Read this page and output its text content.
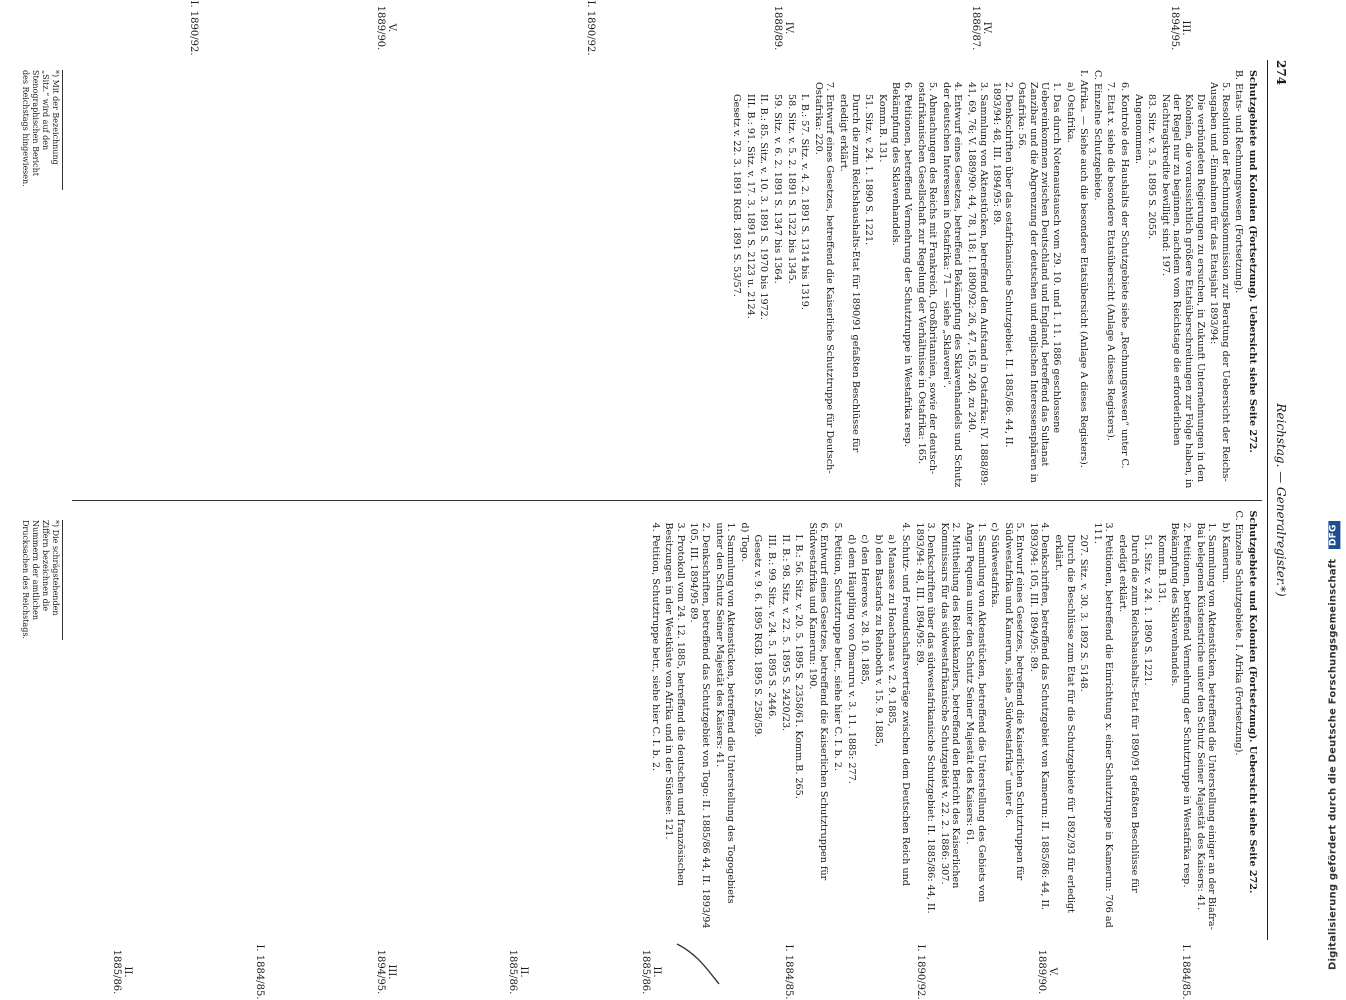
Digitalisierung gefördert durch die Deutsche Forschungsgemeinschaft DFG
274
Reichstag. — Generalregister.*)
Schutzgebiete und Kolonien (Fortsetzung). Uebersicht siehe Seite 272.
B. Etats- und Rechnungswesen (Fortsetzung).
5. Resolution der Rechnungskommission zur Beratung der Uebersicht der Reichs-Ausgaben und -Einnahmen für das Etatsjahr 1893/94:
Die verbündeten Regierungen zu ersuchen, in Zukunft Unternehmungen in den Kolonien, die voraussichtlich größere Etatsüberschreitungen zur Folge haben, in der Regel nur zu beginnen, nachdem vom Reichstage die erforderlichen Nachtragskredite bewilligt sind: 197.
83. Sitz. v. 3. 5. 1895 S. 2055.
Angenommen.
6. Kontrole des Haushalts der Schutzgebiete siehe „Rechnungswesen“ unter C.
7. Etat x. siehe die besondere Etatsübersicht (Anlage A dieses Registers).
C. Einzelne Schutzgebiete.
I. Afrika. — Siehe auch die besondere Etatsübersicht (Anlage A dieses Registers).
a) Ostafrika.
1. Das durch Notenaustausch vom 29. 10. und 1. 11. 1886 geschlossene Uebereinkommen zwischen Deutschland und England, betreffend das Sultanat Zanzibar und die Abgrenzung der deutschen und englischen Interessensphären in Ostafrika: 56.
2. Denkschriften über das ostafrikanische Schutzgebiet. II. 1885/86: 44, II. 1893/94: 48, III. 1894/95: 89.
3. Sammlung von Aktenstücken, betreffend den Aufstand in Ostafrika: IV. 1888/89: 41, 69, 76; V. 1889/90: 44, 78, 118; I. 1890/92: 26, 47, 165, 240, zu 240.
4. Entwurf eines Gesetzes, betreffend Bekämpfung des Sklavenhandels und Schutz der deutschen Interessen in Ostafrika: 71 — siehe „Sklaverei“.
5. Abmachungen des Reichs mit Frankreich, Großbritannien, sowie der deutsch-ostafrikanischen Gesellschaft zur Regelung der Verhältnisse in Ostafrika: 165.
6. Petitionen, betreffend Vermehrung der Schutztruppe in Westafrika resp. Bekämpfung des Sklavenhandels.
Komm.B. 131.
51. Sitz. v. 24. 1. 1890 S. 1221.
Durch die zum Reichshaushalts-Etat für 1890/91 gefaßten Beschlüsse für erledigt erklärt.
7. Entwurf eines Gesetzes, betreffend die Kaiserliche Schutztruppe für Deutsch-Ostafrika: 220.
I. B.: 57. Sitz. v. 4. 2. 1891 S. 1314 bis 1319.
58. Sitz. v. 5. 2. 1891 S. 1322 bis 1345.
59. Sitz. v. 6. 2. 1891 S. 1347 bis 1364.
II. B.: 85. Sitz. v. 10. 3. 1891 S. 1970 bis 1972.
III. B.: 91. Sitz. v. 17. 3. 1891 S. 2123 u. 2124.
Gesetz v. 22. 3. 1891 RGB. 1891 S. 53/57.
III. 1894/95.
IV. 1886/87.
IV. 1888/89.
I. 1890/92.
V. 1889/90.
I. 1890/92.
Schutzgebiete und Kolonien (Fortsetzung). Uebersicht siehe Seite 272.
C. Einzelne Schutzgebiete. I. Afrika (Fortsetzung).
b) Kamerun.
1. Sammlung von Aktenstücken, betreffend die Unterstellung einiger an der Biafra-Bai belegenen Küstenstriche unter den Schutz Seiner Majestät des Kaisers: 41.
2. Petitionen, betreffend Vermehrung der Schutztruppe in Westafrika resp. Bekämpfung des Sklavenhandels.
Komm.B. 131.
51. Sitz. v. 24. 1. 1890 S. 1221.
Durch die zum Reichshaushalts-Etat für 1890/91 gefaßten Beschlüsse für erledigt erklärt.
3. Petitionen, betreffend die Einrichtung x. einer Schutztruppe in Kamerun: 706 ad 111.
207. Sitz. v. 30. 3. 1892 S. 5148.
Durch die Beschlüsse zum Etat für die Schutzgebiete für 1892/93 für erledigt erklärt.
4. Denkschriften, betreffend das Schutzgebiet von Kamerun: II. 1885/86: 44, II. 1893/94: 105, III. 1894/95: 89.
5. Entwurf eines Gesetzes, betreffend die Kaiserlichen Schutztruppen für Südwestafrika und Kamerun, siehe „Südwestafrika“ unter 6.
c) Südwestafrika.
1. Sammlung von Aktenstücken, betreffend die Unterstellung des Gebiets von Angra Pequena unter den Schutz Seiner Majestät des Kaisers: 61.
2. Mittheilung des Reichskanzlers, betreffend den Bericht des Kaiserlichen Kommissars für das südwestafrikanische Schutzgebiet v. 22. 2. 1886: 307.
3. Denkschriften über das südwestafrikanische Schutzgebiet: II. 1885/86: 44, II. 1893/94: 48, III. 1894/95: 89.
4. Schutz- und Freundschaftsverträge zwischen dem Deutschen Reich und
a) Manasse zu Hoachanas v. 2. 9. 1885,
b) den Bastards zu Rehoboth v. 15. 9. 1885,
c) den Hereros v. 28. 10. 1885,
d) dem Häuptling von Omaruru v. 3. 11. 1885: 277.
5. Petition, Schutztruppe betr., siehe hier C. I. b. 2.
6. Entwurf eines Gesetzes, betreffend die Kaiserlichen Schutztruppen für Südwestafrika und Kamerun: 190.
I. B.: 56. Sitz. v. 20. 5. 1895 S. 2358/61. Komm.B. 265.
II. B.: 98. Sitz. v. 22. 5. 1895 S. 2420/23.
III. B.: 99. Sitz. v. 24. 5. 1895 S. 2446.
Gesetz v. 9. 6. 1895 RGB. 1895 S. 258/59.
d) Togo.
1. Sammlung von Aktenstücken, betreffend die Unterstellung des Togogebiets unter den Schutz Seiner Majestät des Kaisers: 41.
2. Denkschriften, betreffend das Schutzgebiet von Togo: II. 1885/86 44, II. 1893/94 105, III. 1894/95 89.
3. Protokoll vom 24. 12. 1885, betreffend die deutschen und französischen Besitzungen in der Westküste von Afrika und in der Südsee: 121.
4. Petition, Schutztruppe betr., siehe hier C. I. b. 2.
I. 1884/85.
V. 1889/90.
I. 1890/92.
I. 1884/85.
II. 1885/86.
II. 1885/86.
III. 1894/95.
I. 1884/85.
II. 1885/86.
*) Mit der Bezeichnung „Sitz.“ wird auf den Stenographischen Bericht des Reichstags hingewiesen.
*) Die schrägstehenden Ziffern bezeichnen die Nummern der amtlichen Drucksachen des Reichstags.
